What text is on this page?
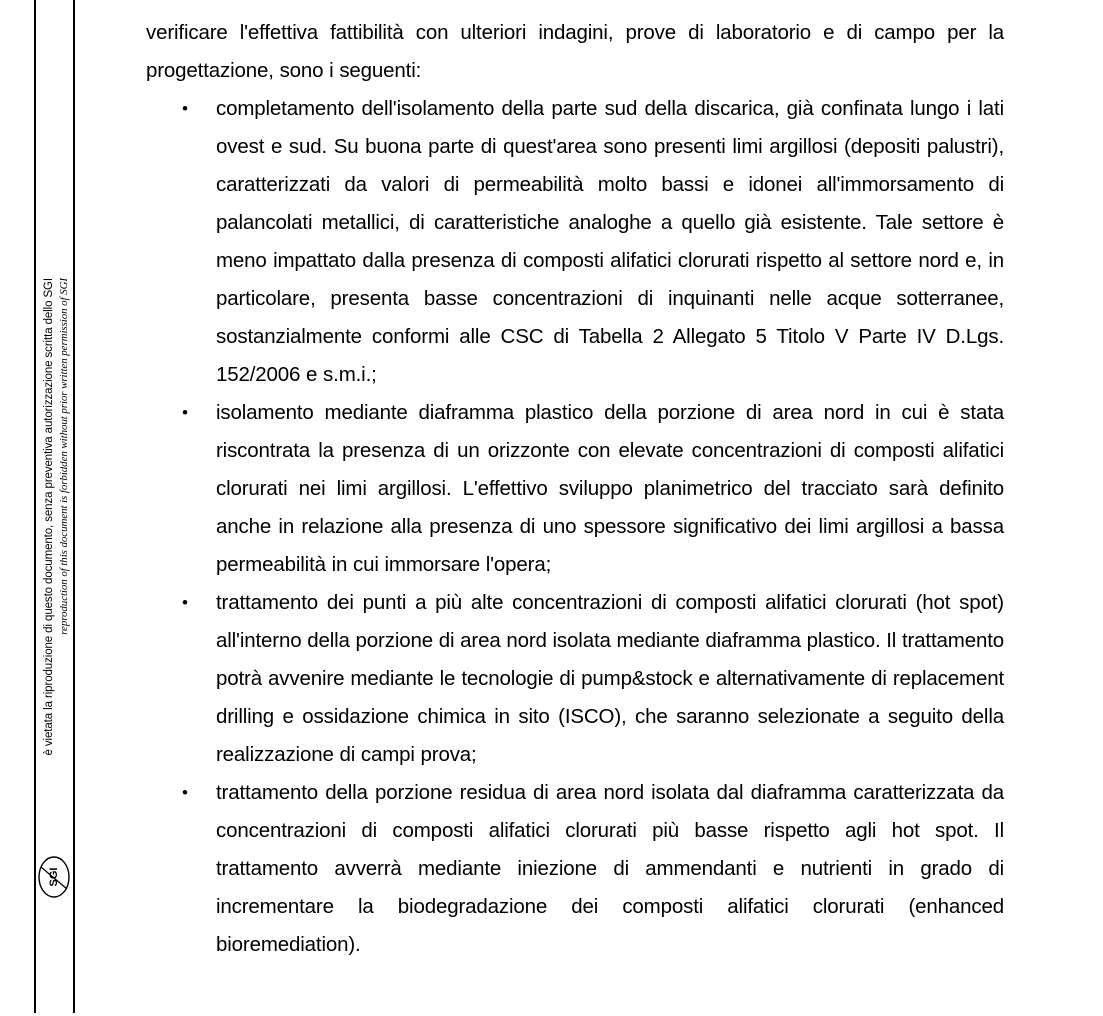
è vietata la riproduzione di questo documento, senza preventiva autorizzazione scritta dello SGI reproduction of this document is forbidden without prior written permission of SGI
SGI

verificare l'effettiva fattibilità con ulteriori indagini, prove di laboratorio e di campo per la progettazione, sono i seguenti:

• completamento dell'isolamento della parte sud della discarica, già confinata lungo i lati ovest e sud. Su buona parte di quest'area sono presenti limi argillosi (depositi palustri), caratterizzati da valori di permeabilità molto bassi e idonei all'immorsamento di palancolati metallici, di caratteristiche analoghe a quello già esistente. Tale settore è meno impattato dalla presenza di composti alifatici clorurati rispetto al settore nord e, in particolare, presenta basse concentrazioni di inquinanti nelle acque sotterranee, sostanzialmente conformi alle CSC di Tabella 2 Allegato 5 Titolo V Parte IV D.Lgs. 152/2006 e s.m.i.;
• isolamento mediante diaframma plastico della porzione di area nord in cui è stata riscontrata la presenza di un orizzonte con elevate concentrazioni di composti alifatici clorurati nei limi argillosi. L'effettivo sviluppo planimetrico del tracciato sarà definito anche in relazione alla presenza di uno spessore significativo dei limi argillosi a bassa permeabilità in cui immorsare l'opera;
• trattamento dei punti a più alte concentrazioni di composti alifatici clorurati (hot spot) all'interno della porzione di area nord isolata mediante diaframma plastico. Il trattamento potrà avvenire mediante le tecnologie di pump&stock e alternativamente di replacement drilling e ossidazione chimica in sito (ISCO), che saranno selezionate a seguito della realizzazione di campi prova;
• trattamento della porzione residua di area nord isolata dal diaframma caratterizzata da concentrazioni di composti alifatici clorurati più basse rispetto agli hot spot. Il trattamento avverrà mediante iniezione di ammendanti e nutrienti in grado di incrementare la biodegradazione dei composti alifatici clorurati (enhanced bioremediation).
